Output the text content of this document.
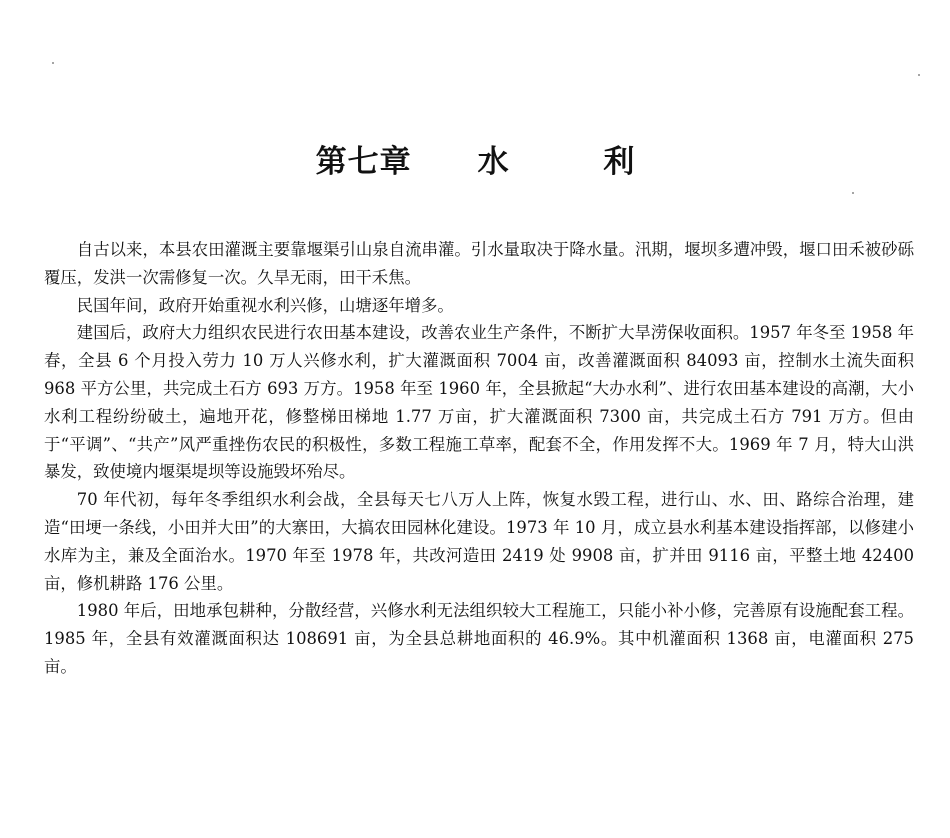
第七章 水 利

自古以来，本县农田灌溉主要靠堰渠引山泉自流串灌。引水量取决于降水量。汛期，堰坝多遭冲毁，堰口田禾被砂砾覆压，发洪一次需修复一次。久旱无雨，田干禾焦。

民国年间，政府开始重视水利兴修，山塘逐年增多。

建国后，政府大力组织农民进行农田基本建设，改善农业生产条件，不断扩大旱涝保收面积。1957 年冬至 1958 年春，全县 6 个月投入劳力 10 万人兴修水利，扩大灌溉面积 7004 亩，改善灌溉面积 84093 亩，控制水土流失面积 968 平方公里，共完成土石方 693 万方。1958 年至 1960 年，全县掀起“大办水利”、进行农田基本建设的高潮，大小水利工程纷纷破土，遍地开花，修整梯田梯地 1.77 万亩，扩大灌溉面积 7300 亩，共完成土石方 791 万方。但由于“平调”、“共产”风严重挫伤农民的积极性，多数工程施工草率，配套不全，作用发挥不大。1969 年 7 月，特大山洪暴发，致使境内堰渠堤坝等设施毁坏殆尽。

70 年代初，每年冬季组织水利会战，全县每天七八万人上阵，恢复水毁工程，进行山、水、田、路综合治理，建造“田埂一条线，小田并大田”的大寨田，大搞农田园林化建设。1973 年 10 月，成立县水利基本建设指挥部，以修建小水库为主，兼及全面治水。1970 年至 1978 年，共改河造田 2419 处 9908 亩，扩并田 9116 亩，平整土地 42400 亩，修机耕路 176 公里。

1980 年后，田地承包耕种，分散经营，兴修水利无法组织较大工程施工，只能小补小修，完善原有设施配套工程。1985 年，全县有效灌溉面积达 108691 亩，为全县总耕地面积的 46.9%。其中机灌面积 1368 亩，电灌面积 275 亩。
